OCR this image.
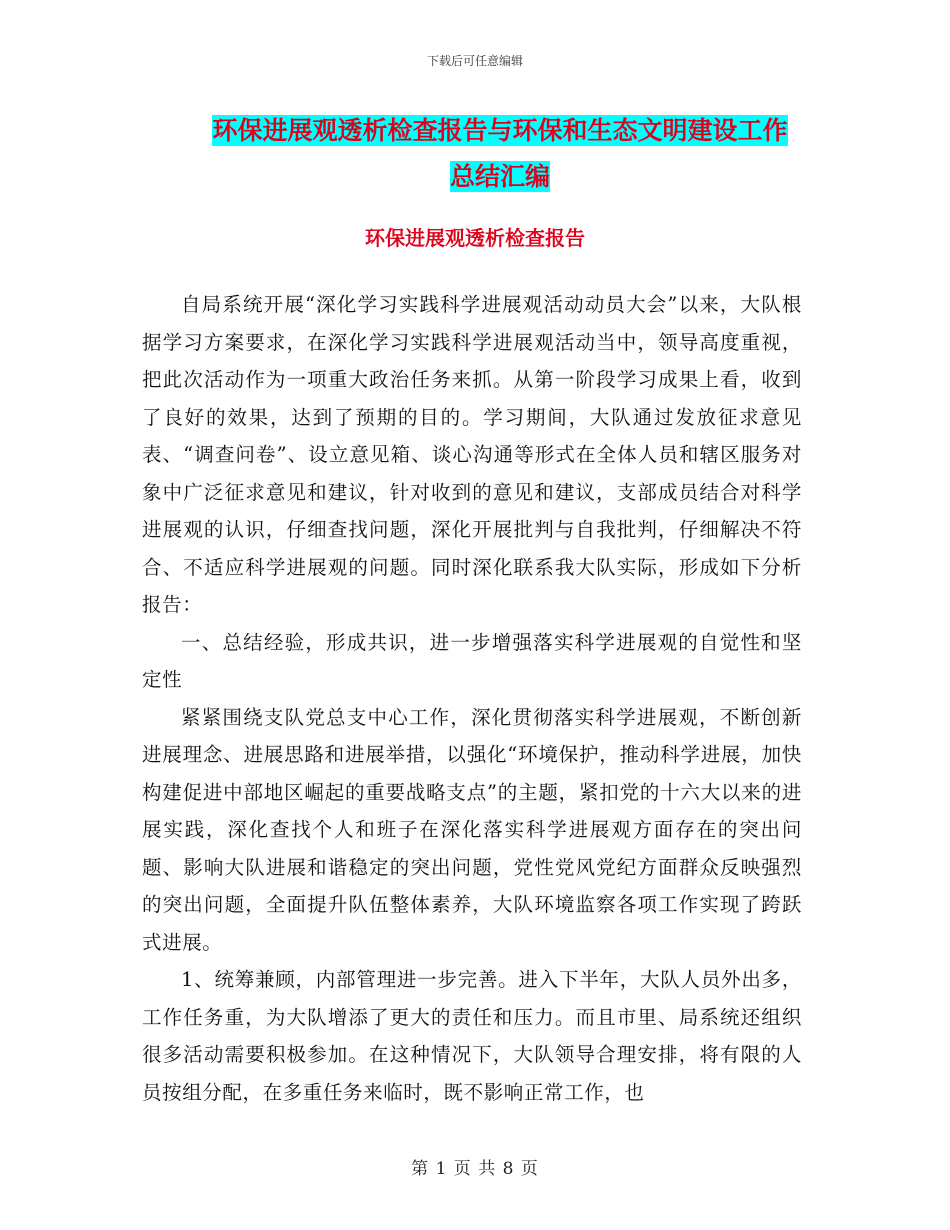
下载后可任意编辑
环保进展观透析检查报告与环保和生态文明建设工作
总结汇编
环保进展观透析检查报告

自局系统开展“深化学习实践科学进展观活动动员大会”以来，大队根据学习方案要求，在深化学习实践科学进展观活动当中，领导高度重视，把此次活动作为一项重大政治任务来抓。从第一阶段学习成果上看，收到了良好的效果，达到了预期的目的。学习期间，大队通过发放征求意见表、“调查问卷”、设立意见箱、谈心沟通等形式在全体人员和辖区服务对象中广泛征求意见和建议，针对收到的意见和建议，支部成员结合对科学进展观的认识，仔细查找问题，深化开展批判与自我批判，仔细解决不符合、不适应科学进展观的问题。同时深化联系我大队实际，形成如下分析报告：

一、总结经验，形成共识，进一步增强落实科学进展观的自觉性和坚定性

紧紧围绕支队党总支中心工作，深化贯彻落实科学进展观，不断创新进展理念、进展思路和进展举措，以强化“环境保护，推动科学进展，加快构建促进中部地区崛起的重要战略支点”的主题，紧扣党的十六大以来的进展实践，深化查找个人和班子在深化落实科学进展观方面存在的突出问题、影响大队进展和谐稳定的突出问题，党性党风党纪方面群众反映强烈的突出问题，全面提升队伍整体素养，大队环境监察各项工作实现了跨跃式进展。

1、统筹兼顾，内部管理进一步完善。进入下半年，大队人员外出多，工作任务重，为大队增添了更大的责任和压力。而且市里、局系统还组织很多活动需要积极参加。在这种情况下，大队领导合理安排，将有限的人员按组分配，在多重任务来临时，既不影响正常工作，也

第 1 页 共 8 页
